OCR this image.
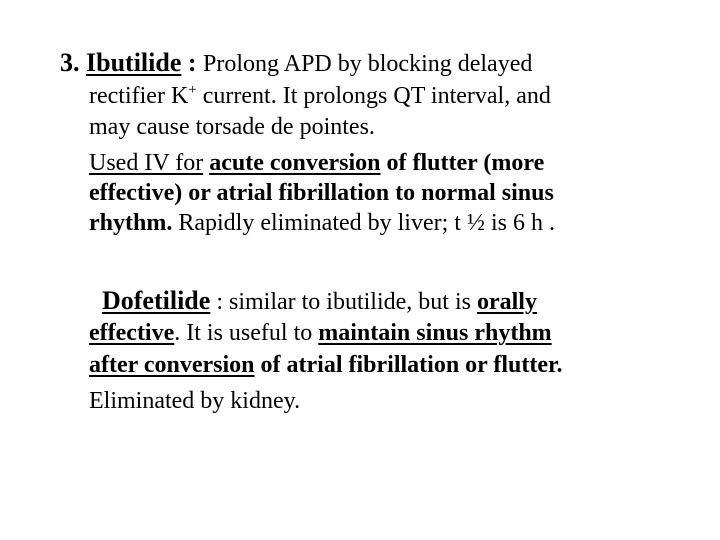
3. Ibutilide : Prolong APD by blocking delayed
rectifier K+ current. It prolongs QT interval, and
may cause torsade de pointes.
Used IV for acute conversion of flutter (more
effective) or atrial fibrillation to normal sinus
rhythm. Rapidly eliminated by liver; t ½ is 6 h .
Dofetilide : similar to ibutilide, but is orally
effective. It is useful to maintain sinus rhythm
after conversion of atrial fibrillation or flutter.
Eliminated by kidney.
